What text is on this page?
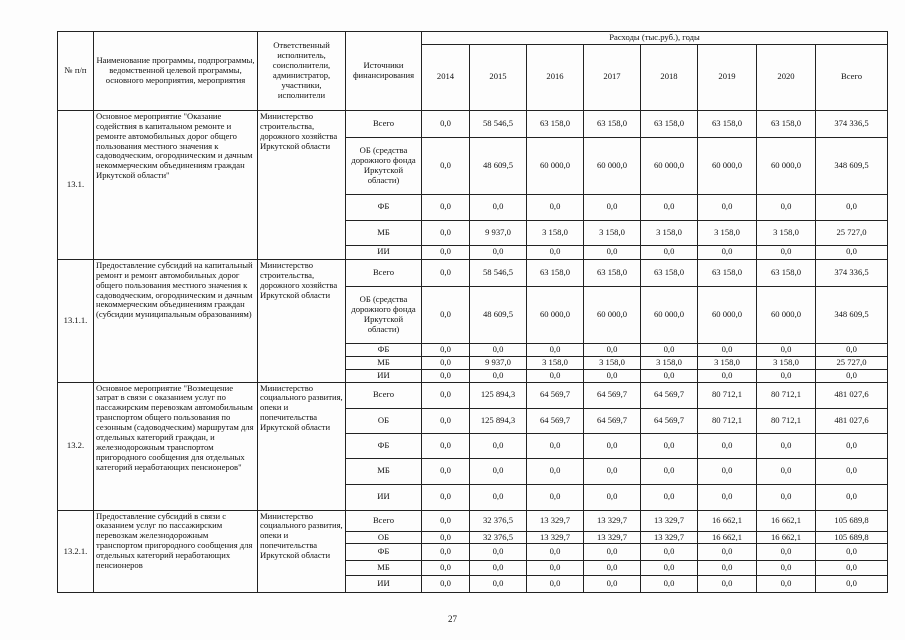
№ п/п	Наименование программы, подпрограммы, ведомственной целевой программы, основного мероприятия, мероприятия	Ответственный исполнитель, соисполнители, администратор, участники, исполнители	Источники финансирования	Расходы (тыс.руб.), годы							
				2014	2015	2016	2017	2018	2019	2020	Всего
13.1.	Основное мероприятие "Оказание содействия в капитальном ремонте и ремонте автомобильных дорог общего пользования местного значения к садоводческим, огородническим и дачным некоммерческим объединениям граждан Иркутской области"	Министерство строительства, дорожного хозяйства Иркутской области	Всего	0,0	58 546,5	63 158,0	63 158,0	63 158,0	63 158,0	63 158,0	374 336,5
			ОБ (средства дорожного фонда Иркутской области)	0,0	48 609,5	60 000,0	60 000,0	60 000,0	60 000,0	60 000,0	348 609,5
			ФБ	0,0	0,0	0,0	0,0	0,0	0,0	0,0	0,0
			МБ	0,0	9 937,0	3 158,0	3 158,0	3 158,0	3 158,0	3 158,0	25 727,0
			ИИ	0,0	0,0	0,0	0,0	0,0	0,0	0,0	0,0
13.1.1.	Предоставление субсидий на капитальный ремонт и ремонт автомобильных дорог общего пользования местного значения к садоводческим, огородническим и дачным некоммерческим объединениям граждан (субсидии муниципальным образованиям)	Министерство строительства, дорожного хозяйства Иркутской области	Всего	0,0	58 546,5	63 158,0	63 158,0	63 158,0	63 158,0	63 158,0	374 336,5
			ОБ (средства дорожного фонда Иркутской области)	0,0	48 609,5	60 000,0	60 000,0	60 000,0	60 000,0	60 000,0	348 609,5
			ФБ	0,0	0,0	0,0	0,0	0,0	0,0	0,0	0,0
			МБ	0,0	9 937,0	3 158,0	3 158,0	3 158,0	3 158,0	3 158,0	25 727,0
			ИИ	0,0	0,0	0,0	0,0	0,0	0,0	0,0	0,0
13.2.	Основное мероприятие "Возмещение затрат в связи с оказанием услуг по пассажирским перевозкам автомобильным транспортом общего пользования по сезонным (садоводческим) маршрутам для отдельных категорий граждан, и железнодорожным транспортом пригородного сообщения для отдельных категорий неработающих пенсионеров"	Министерство социального развития, опеки и попечительства Иркутской области	Всего	0,0	125 894,3	64 569,7	64 569,7	64 569,7	80 712,1	80 712,1	481 027,6
			ОБ	0,0	125 894,3	64 569,7	64 569,7	64 569,7	80 712,1	80 712,1	481 027,6
			ФБ	0,0	0,0	0,0	0,0	0,0	0,0	0,0	0,0
			МБ	0,0	0,0	0,0	0,0	0,0	0,0	0,0	0,0
			ИИ	0,0	0,0	0,0	0,0	0,0	0,0	0,0	0,0
13.2.1.	Предоставление субсидий в связи с оказанием услуг по пассажирским перевозкам железнодорожным транспортом пригородного сообщения для отдельных категорий неработающих пенсионеров	Министерство социального развития, опеки и попечительства Иркутской области	Всего	0,0	32 376,5	13 329,7	13 329,7	13 329,7	16 662,1	16 662,1	105 689,8
			ОБ	0,0	32 376,5	13 329,7	13 329,7	13 329,7	16 662,1	16 662,1	105 689,8
			ФБ	0,0	0,0	0,0	0,0	0,0	0,0	0,0	0,0
			МБ	0,0	0,0	0,0	0,0	0,0	0,0	0,0	0,0
			ИИ	0,0	0,0	0,0	0,0	0,0	0,0	0,0	0,0
27
